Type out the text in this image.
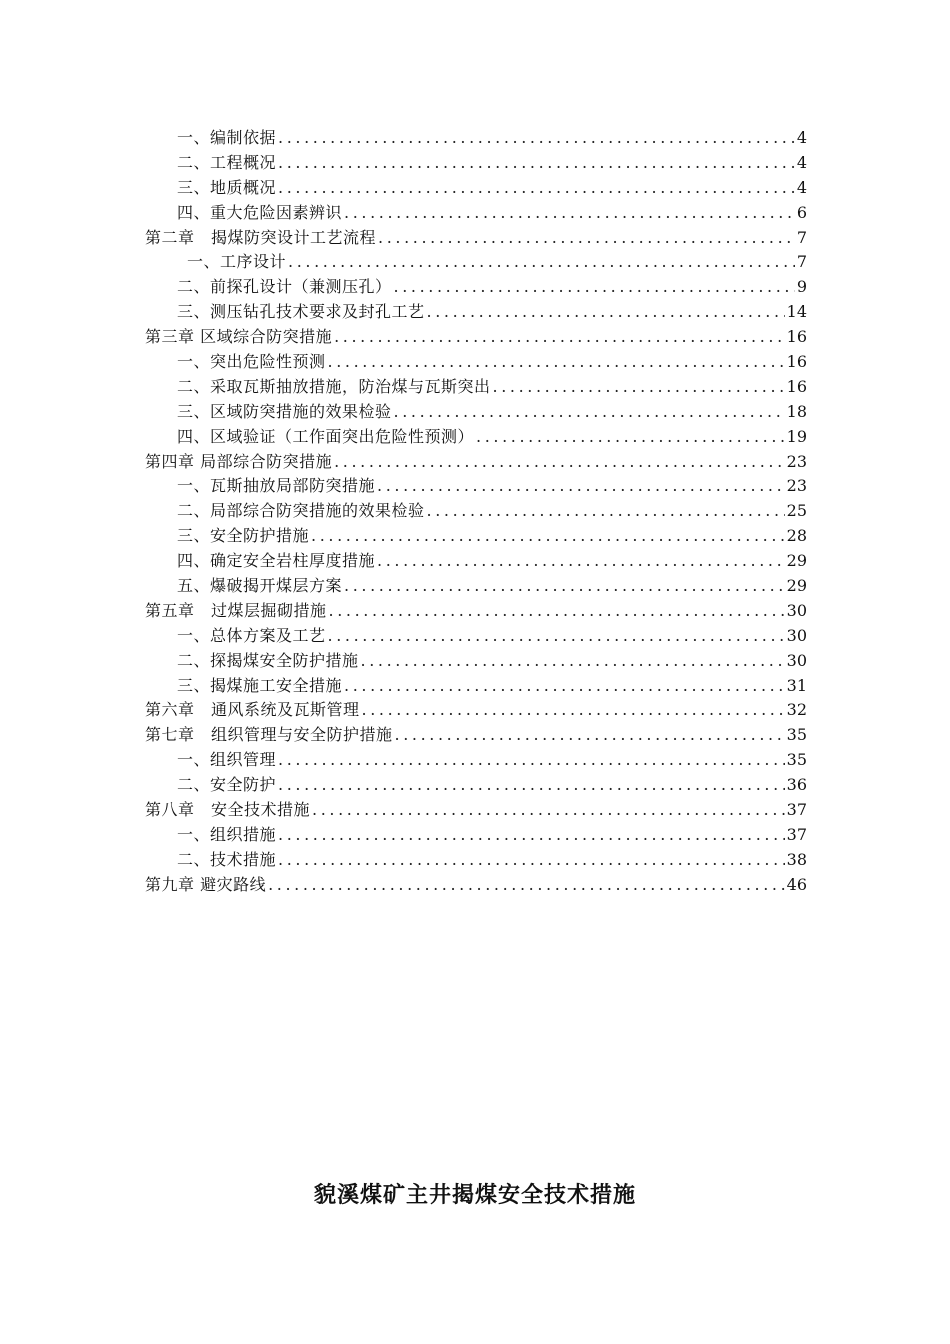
一、编制依据 .....	4
二、工程概况 .....	4
三、地质概况 .....	4
四、重大危险因素辨识 .....	6
第二章　揭煤防突设计工艺流程 .....	7
一、工序设计 .....	7
二、前探孔设计（兼测压孔） .....	9
三、测压钻孔技术要求及封孔工艺 .....	14
第三章 区域综合防突措施 .....	16
一、突出危险性预测 .....	16
二、采取瓦斯抽放措施，防治煤与瓦斯突出 .....	16
三、区域防突措施的效果检验 .....	18
四、区域验证（工作面突出危险性预测） .....	19
第四章 局部综合防突措施 .....	23
一、瓦斯抽放局部防突措施 .....	23
二、局部综合防突措施的效果检验 .....	25
三、安全防护措施 .....	28
四、确定安全岩柱厚度措施 .....	29
五、爆破揭开煤层方案 .....	29
第五章　过煤层掘砌措施 .....	30
一、总体方案及工艺 .....	30
二、探揭煤安全防护措施 .....	30
三、揭煤施工安全措施 .....	31
第六章　通风系统及瓦斯管理 .....	32
第七章　组织管理与安全防护措施 .....	35
一、组织管理 .....	35
二、安全防护 .....	36
第八章　安全技术措施 .....	37
一、组织措施 .....	37
二、技术措施 .....	38
第九章 避灾路线 .....	46
貌溪煤矿主井揭煤安全技术措施
